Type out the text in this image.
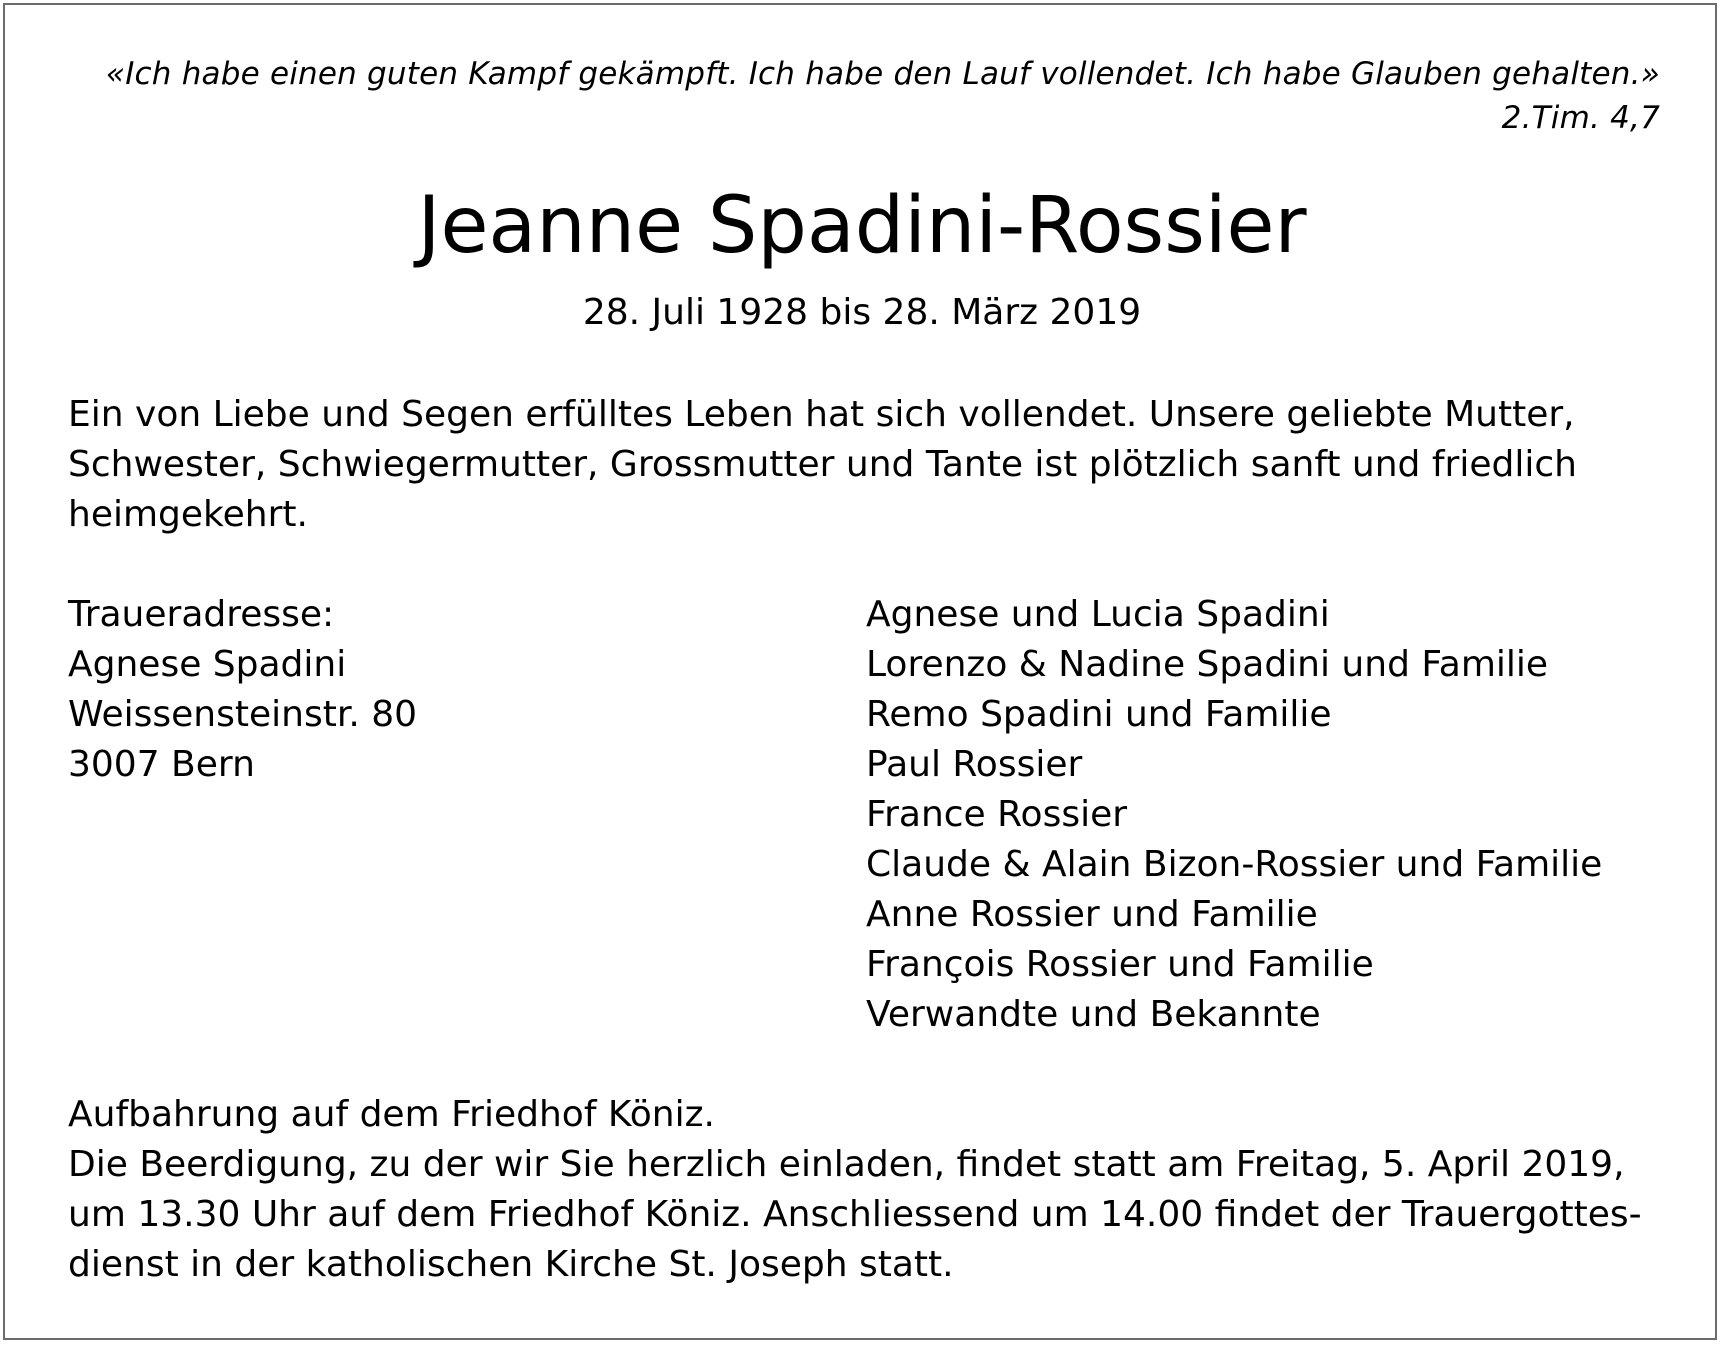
«Ich habe einen guten Kampf gekämpft. Ich habe den Lauf vollendet. Ich habe Glauben gehalten.»
2.Tim. 4,7
Jeanne Spadini-Rossier
28. Juli 1928 bis 28. März 2019
Ein von Liebe und Segen erfülltes Leben hat sich vollendet. Unsere geliebte Mutter,
Schwester, Schwiegermutter, Grossmutter und Tante ist plötzlich sanft und friedlich
heimgekehrt.
Traueradresse:
Agnese Spadini
Weissensteinstr. 80
3007 Bern
Agnese und Lucia Spadini
Lorenzo & Nadine Spadini und Familie
Remo Spadini und Familie
Paul Rossier
France Rossier
Claude & Alain Bizon-Rossier und Familie
Anne Rossier und Familie
François Rossier und Familie
Verwandte und Bekannte
Aufbahrung auf dem Friedhof Köniz.
Die Beerdigung, zu der wir Sie herzlich einladen, findet statt am Freitag, 5. April 2019,
um 13.30 Uhr auf dem Friedhof Köniz. Anschliessend um 14.00 findet der Trauergottes-
dienst in der katholischen Kirche St. Joseph statt.
